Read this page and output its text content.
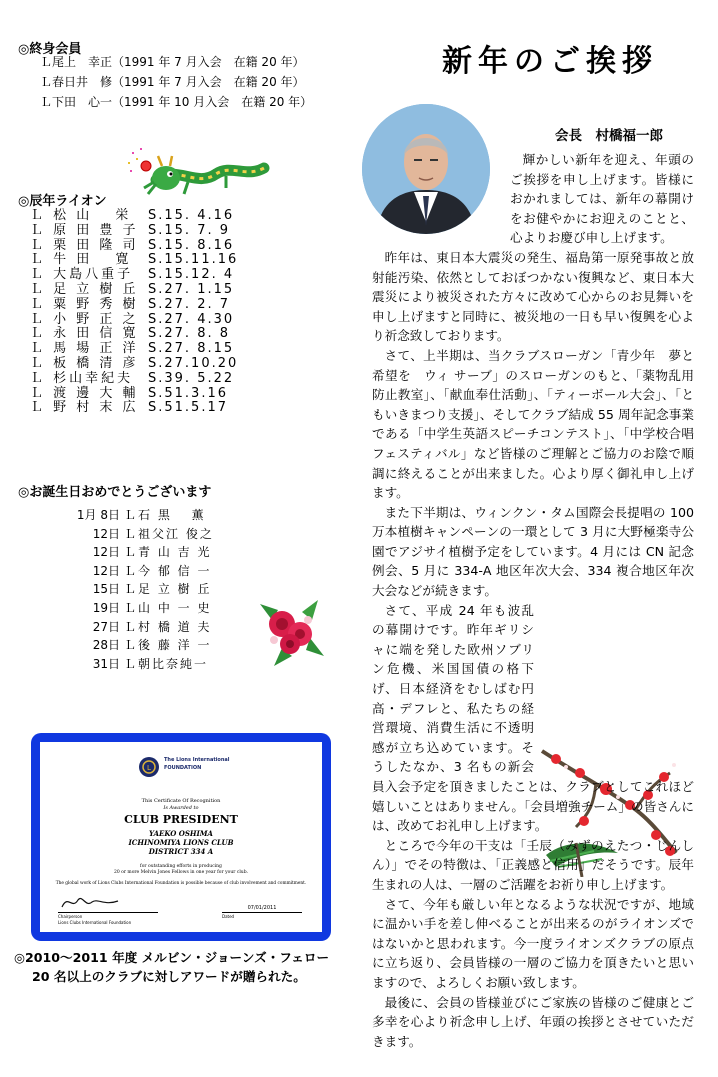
◎終身会員
Ｌ尾上　幸正（1991 年 7 月入会　在籍 20 年）
Ｌ春日井　修（1991 年 7 月入会　在籍 20 年）
Ｌ下田　心一（1991 年 10 月入会　在籍 20 年）
◎辰年ライオン
Ｌ 松 山　 栄 S.15. 4.16
Ｌ 原 田 豊 子 S.15. 7. 9
Ｌ 栗 田 隆 司 S.15. 8.16
Ｌ 牛 田　 寛 S.15.11.16
Ｌ 大島八重子 S.15.12. 4
Ｌ 足 立 樹 丘 S.27. 1.15
Ｌ 粟 野 秀 樹 S.27. 2. 7
Ｌ 小 野 正 之 S.27. 4.30
Ｌ 永 田 信 寛 S.27. 8. 8
Ｌ 馬 場 正 洋 S.27. 8.15
Ｌ 板 橋 清 彦 S.27.10.20
Ｌ 杉山幸紀夫 S.39. 5.22
Ｌ 渡 邊 大 輔 S.51.3.16
Ｌ 野 村 末 広 S.51.5.17
◎お誕生日おめでとうございます
1月 8日 Ｌ石 黒　 薫
12日 Ｌ祖父江 俊之
12日 Ｌ青 山 吉 光
12日 Ｌ今 郁 信 一
15日 Ｌ足 立 樹 丘
19日 Ｌ山 中 一 史
27日 Ｌ村 橋 道 夫
28日 Ｌ後 藤 洋 一
31日 Ｌ朝比奈純一
L
The Lions International
FOUNDATION
This Certificate Of Recognition
Is Awarded to
CLUB PRESIDENT
YAEKO OSHIMA
ICHINOMIYA LIONS CLUB
DISTRICT 334 A
for outstanding efforts in producing
20 or more Melvin Jones Fellows in one year for your club.
The global work of Lions Clubs International Foundation is possible because of club involvement and commitment.
Chairperson
Lions Clubs International Foundation
07/01/2011
Dated
◎2010～2011 年度 メルビン・ジョーンズ・フェロー
20 名以上のクラブに対しアワードが贈られた。
新年のご挨拶
会長　村橋福一郎

輝かしい新年を迎え、年頭のご挨拶を申し上げます。皆様におかれましては、新年の幕開けをお健やかにお迎えのことと、心よりお慶び申し上げます。

昨年は、東日本大震災の発生、福島第一原発事故と放射能汚染、依然としておぼつかない復興など、東日本大震災により被災された方々に改めて心からのお見舞いを申し上げますと同時に、被災地の一日も早い復興を心より祈念致しております。

さて、上半期は、当クラブスローガン「青少年　夢と希望を　ウィ サーブ」のスローガンのもと、「薬物乱用防止教室」、「献血奉仕活動」、「ティーボール大会」、「ともいきまつり支援」、そしてクラブ結成 55 周年記念事業である「中学生英語スピーチコンテスト」、「中学校合唱フェスティバル」など皆様のご理解とご協力のお陰で順調に終えることが出来ました。心より厚く御礼申し上げます。

また下半期は、ウィンクン・タム国際会長提唱の 100 万本植樹キャンペーンの一環として 3 月に大野極楽寺公園でアジサイ植樹予定をしています。4 月には CN 記念例会、5 月に 334-A 地区年次大会、334 複合地区年次大会などが続きます。

さて、平成 24 年も波乱の幕開けです。昨年ギリシャに端を発した欧州ソブリン危機、米国国債の格下げ、日本経済をむしばむ円高・デフレと、私たちの経営環境、消費生活に不透明感が立ち込めています。そうしたなか、3 名もの新会員入会予定を頂きましたことは、クラブとしてこれほど嬉しいことはありません。「会員増強チーム」の皆さんには、改めてお礼申し上げます。

ところで今年の干支は「壬辰（みずのえたつ・じんしん）」でその特徴は、「正義感と信用」だそうです。辰年生まれの人は、一層のご活躍をお祈り申し上げます。

さて、今年も厳しい年となるような状況ですが、地域に温かい手を差し伸べることが出来るのがライオンズではないかと思われます。今一度ライオンズクラブの原点に立ち返り、会員皆様の一層のご協力を頂きたいと思いますので、よろしくお願い致します。

最後に、会員の皆様並びにご家族の皆様のご健康とご多幸を心より祈念申し上げ、年頭の挨拶とさせていただきます。
